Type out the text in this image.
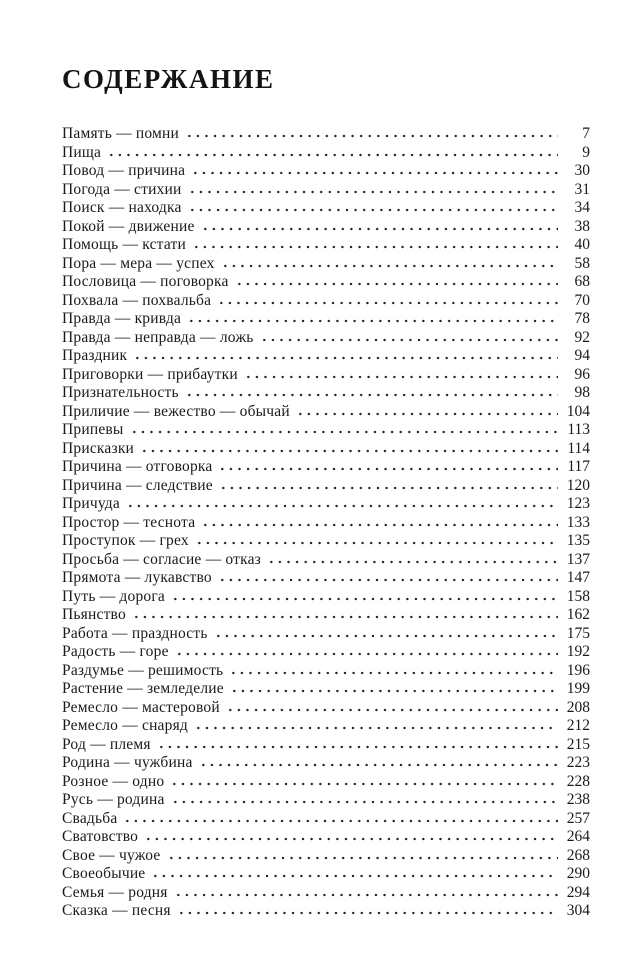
СОДЕРЖАНИЕ
Память — помни	7
Пища	9
Повод — причина	30
Погода — стихии	31
Поиск — находка	34
Покой — движение	38
Помощь — кстати	40
Пора — мера — успех	58
Пословица — поговорка	68
Похвала — похвальба	70
Правда — кривда	78
Правда — неправда — ложь	92
Праздник	94
Приговорки — прибаутки	96
Признательность	98
Приличие — вежество — обычай	104
Припевы	113
Присказки	114
Причина — отговорка	117
Причина — следствие	120
Причуда	123
Простор — теснота	133
Проступок — грех	135
Просьба — согласие — отказ	137
Прямота — лукавство	147
Путь — дорога	158
Пьянство	162
Работа — праздность	175
Радость — горе	192
Раздумье — решимость	196
Растение — земледелие	199
Ремесло — мастеровой	208
Ремесло — снаряд	212
Род — племя	215
Родина — чужбина	223
Розное — одно	228
Русь — родина	238
Свадьба	257
Сватовство	264
Свое — чужое	268
Своеобычие	290
Семья — родня	294
Сказка — песня	304
